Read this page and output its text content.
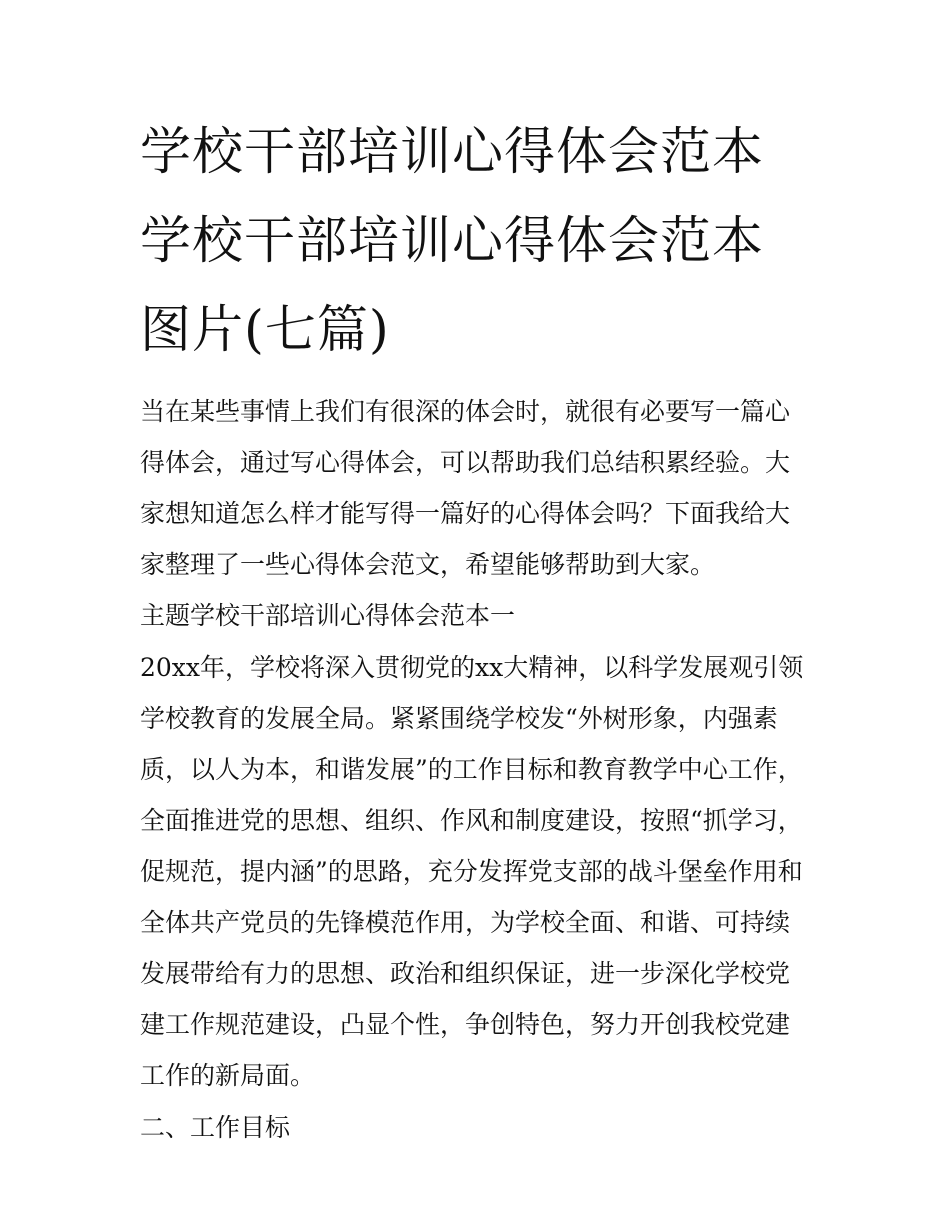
学校干部培训心得体会范本 学校干部培训心得体会范本图片(七篇)

当在某些事情上我们有很深的体会时，就很有必要写一篇心得体会，通过写心得体会，可以帮助我们总结积累经验。大家想知道怎么样才能写得一篇好的心得体会吗？下面我给大家整理了一些心得体会范文，希望能够帮助到大家。

主题学校干部培训心得体会范本一

20xx年，学校将深入贯彻党的xx大精神，以科学发展观引领学校教育的发展全局。紧紧围绕学校发“外树形象，内强素质，以人为本，和谐发展”的工作目标和教育教学中心工作，全面推进党的思想、组织、作风和制度建设，按照“抓学习，促规范，提内涵”的思路，充分发挥党支部的战斗堡垒作用和全体共产党员的先锋模范作用，为学校全面、和谐、可持续发展带给有力的思想、政治和组织保证，进一步深化学校党建工作规范建设，凸显个性，争创特色，努力开创我校党建工作的新局面。

二、工作目标
